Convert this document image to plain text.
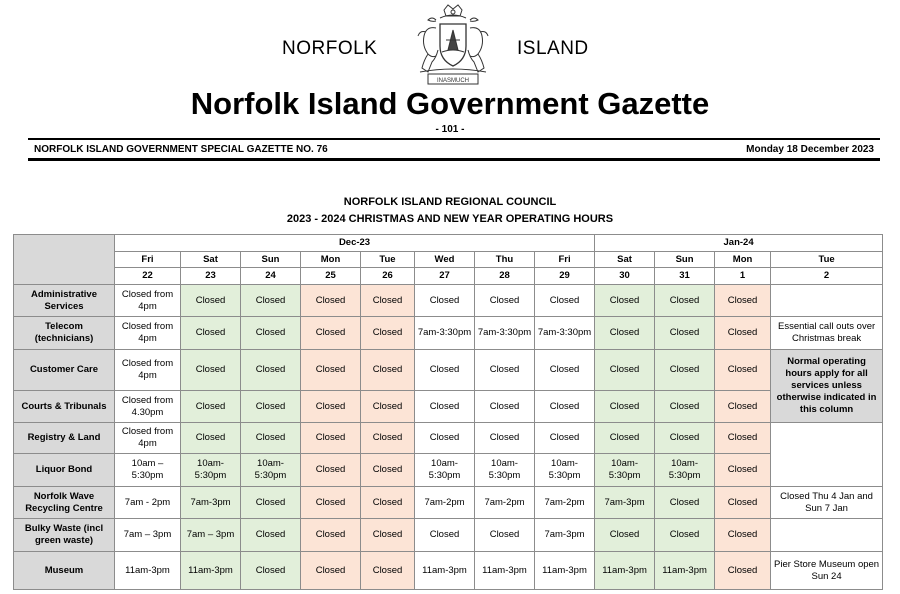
NORFOLK
INASMUCH
ISLAND
Norfolk Island Government Gazette
- 101 -
NORFOLK ISLAND GOVERNMENT SPECIAL GAZETTE NO. 76	Monday 18 December 2023
NORFOLK ISLAND REGIONAL COUNCIL
2023 - 2024 CHRISTMAS AND NEW YEAR OPERATING HOURS
	Dec-23								Jan-24			
	Fri	Sat	Sun	Mon	Tue	Wed	Thu	Fri	Sat	Sun	Mon	Tue
	22	23	24	25	26	27	28	29	30	31	1	2
Administrative Services	Closed from 4pm	Closed	Closed	Closed	Closed	Closed	Closed	Closed	Closed	Closed	Closed	
Telecom (technicians)	Closed from 4pm	Closed	Closed	Closed	Closed	7am-3:30pm	7am-3:30pm	7am-3:30pm	Closed	Closed	Closed	Essential call outs over Christmas break
Customer Care	Closed from 4pm	Closed	Closed	Closed	Closed	Closed	Closed	Closed	Closed	Closed	Closed	Normal operating hours apply for all services unless otherwise indicated in this column
Courts & Tribunals	Closed from 4.30pm	Closed	Closed	Closed	Closed	Closed	Closed	Closed	Closed	Closed	Closed	
Registry & Land	Closed from 4pm	Closed	Closed	Closed	Closed	Closed	Closed	Closed	Closed	Closed	Closed	
Liquor Bond	10am – 5:30pm	10am-5:30pm	10am-5:30pm	Closed	Closed	10am-5:30pm	10am-5:30pm	10am-5:30pm	10am-5:30pm	10am-5:30pm	Closed	
Norfolk Wave Recycling Centre	7am - 2pm	7am-3pm	Closed	Closed	Closed	7am-2pm	7am-2pm	7am-2pm	7am-3pm	Closed	Closed	Closed Thu 4 Jan and Sun 7 Jan
Bulky Waste (incl green waste)	7am – 3pm	7am – 3pm	Closed	Closed	Closed	Closed	Closed	7am-3pm	Closed	Closed	Closed	
Museum	11am-3pm	11am-3pm	Closed	Closed	Closed	11am-3pm	11am-3pm	11am-3pm	11am-3pm	11am-3pm	Closed	Pier Store Museum open Sun 24
